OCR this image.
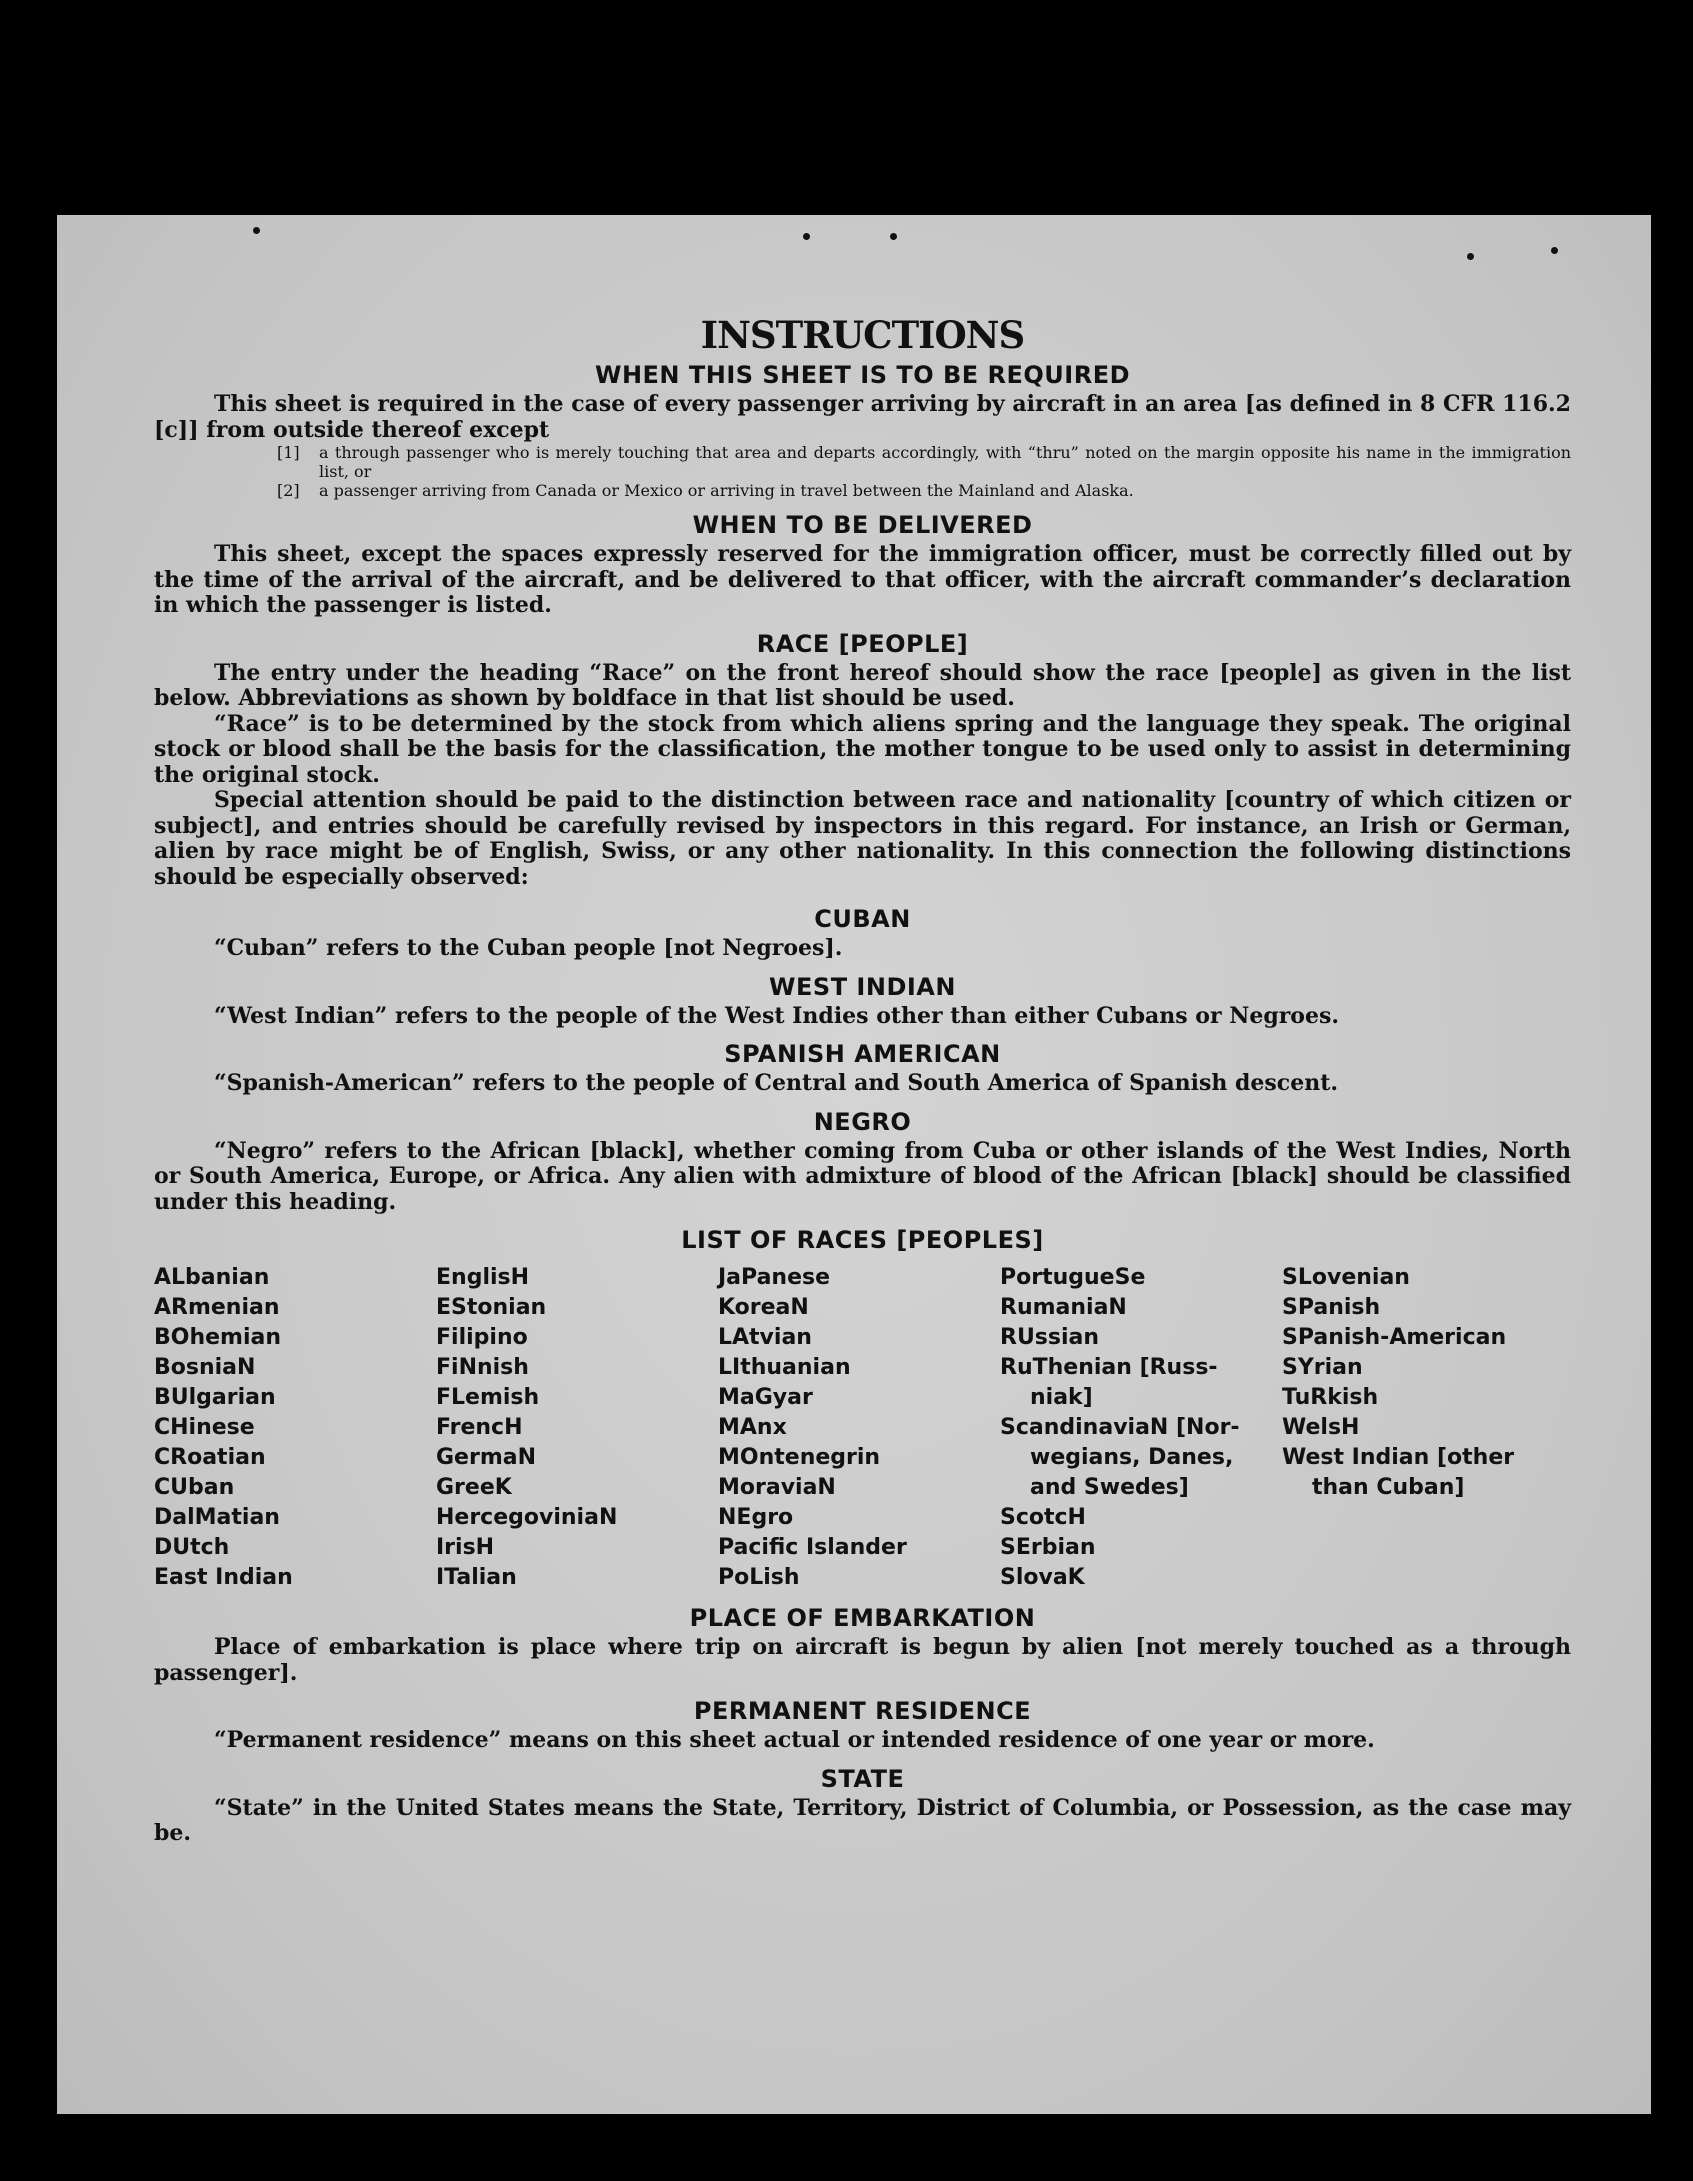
INSTRUCTIONS
WHEN THIS SHEET IS TO BE REQUIRED

This sheet is required in the case of every passenger arriving by aircraft in an area [as defined in 8 CFR 116.2 [c]] from outside thereof except

[1]	a through passenger who is merely touching that area and departs accordingly, with “thru” noted on the margin opposite his name in the immigration list, or
[2]	a passenger arriving from Canada or Mexico or arriving in travel between the Mainland and Alaska.
WHEN TO BE DELIVERED

This sheet, except the spaces expressly reserved for the immigration officer, must be correctly filled out by the time of the arrival of the aircraft, and be delivered to that officer, with the aircraft commander’s declaration in which the passenger is listed.

RACE [PEOPLE]

The entry under the heading “Race” on the front hereof should show the race [people] as given in the list below. Abbreviations as shown by boldface in that list should be used.

“Race” is to be determined by the stock from which aliens spring and the language they speak. The original stock or blood shall be the basis for the classification, the mother tongue to be used only to assist in determining the original stock.

Special attention should be paid to the distinction between race and nationality [country of which citizen or subject], and entries should be carefully revised by inspectors in this regard. For instance, an Irish or German, alien by race might be of English, Swiss, or any other nationality. In this connection the following distinctions should be especially observed:

CUBAN

“Cuban” refers to the Cuban people [not Negroes].

WEST INDIAN

“West Indian” refers to the people of the West Indies other than either Cubans or Negroes.

SPANISH AMERICAN

“Spanish-American” refers to the people of Central and South America of Spanish descent.

NEGRO

“Negro” refers to the African [black], whether coming from Cuba or other islands of the West Indies, North or South America, Europe, or Africa. Any alien with admixture of blood of the African [black] should be classified under this heading.

LIST OF RACES [PEOPLES]
ALbanian
ARmenian
BOhemian
BosniaN
BUlgarian
CHinese
CRoatian
CUban
DalMatian
DUtch
East Indian
EnglisH
EStonian
Filipino
FiNnish
FLemish
FrencH
GermaN
GreeK
HercegoviniaN
IrisH
ITalian
JaPanese
KoreaN
LAtvian
LIthuanian
MaGyar
MAnx
MOntenegrin
MoraviaN
NEgro
Pacific Islander
PoLish
PortugueSe
RumaniaN
RUssian
RuThenian [Russ-
niak]
ScandinaviaN [Nor-
wegians, Danes,
and Swedes]
ScotcH
SErbian
SlovaK
SLovenian
SPanish
SPanish-American
SYrian
TuRkish
WelsH
West Indian [other
than Cuban]
PLACE OF EMBARKATION

Place of embarkation is place where trip on aircraft is begun by alien [not merely touched as a through passenger].

PERMANENT RESIDENCE

“Permanent residence” means on this sheet actual or intended residence of one year or more.

STATE

“State” in the United States means the State, Territory, District of Columbia, or Possession, as the case may be.
